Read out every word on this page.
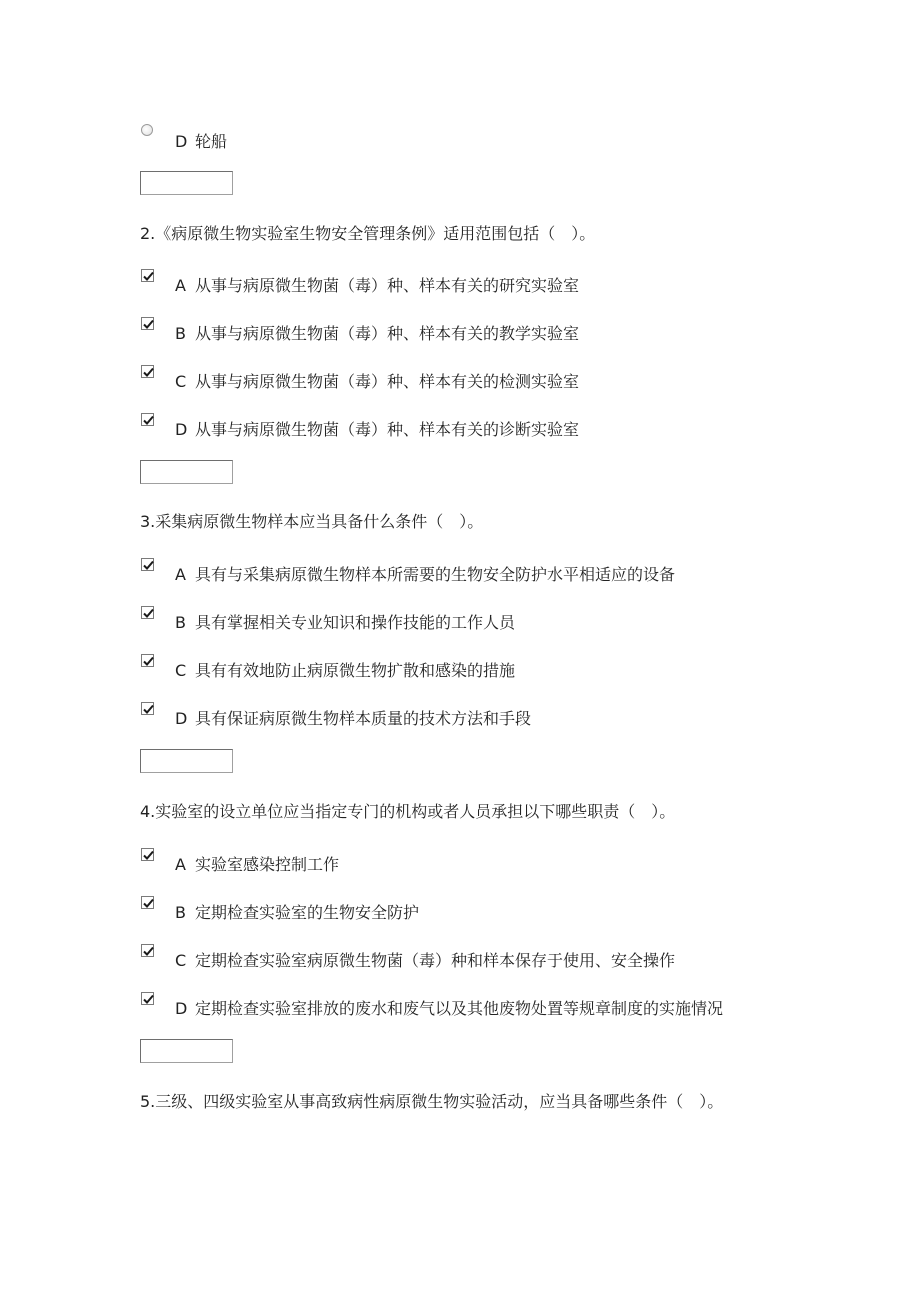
D 轮船
2.《病原微生物实验室生物安全管理条例》适用范围包括（　）。
A 从事与病原微生物菌（毒）种、样本有关的研究实验室
B 从事与病原微生物菌（毒）种、样本有关的教学实验室
C 从事与病原微生物菌（毒）种、样本有关的检测实验室
D 从事与病原微生物菌（毒）种、样本有关的诊断实验室
3.采集病原微生物样本应当具备什么条件（　）。
A 具有与采集病原微生物样本所需要的生物安全防护水平相适应的设备
B 具有掌握相关专业知识和操作技能的工作人员
C 具有有效地防止病原微生物扩散和感染的措施
D 具有保证病原微生物样本质量的技术方法和手段
4.实验室的设立单位应当指定专门的机构或者人员承担以下哪些职责（　）。
A 实验室感染控制工作
B 定期检查实验室的生物安全防护
C 定期检查实验室病原微生物菌（毒）种和样本保存于使用、安全操作
D 定期检查实验室排放的废水和废气以及其他废物处置等规章制度的实施情况
5.三级、四级实验室从事高致病性病原微生物实验活动，应当具备哪些条件（　）。
